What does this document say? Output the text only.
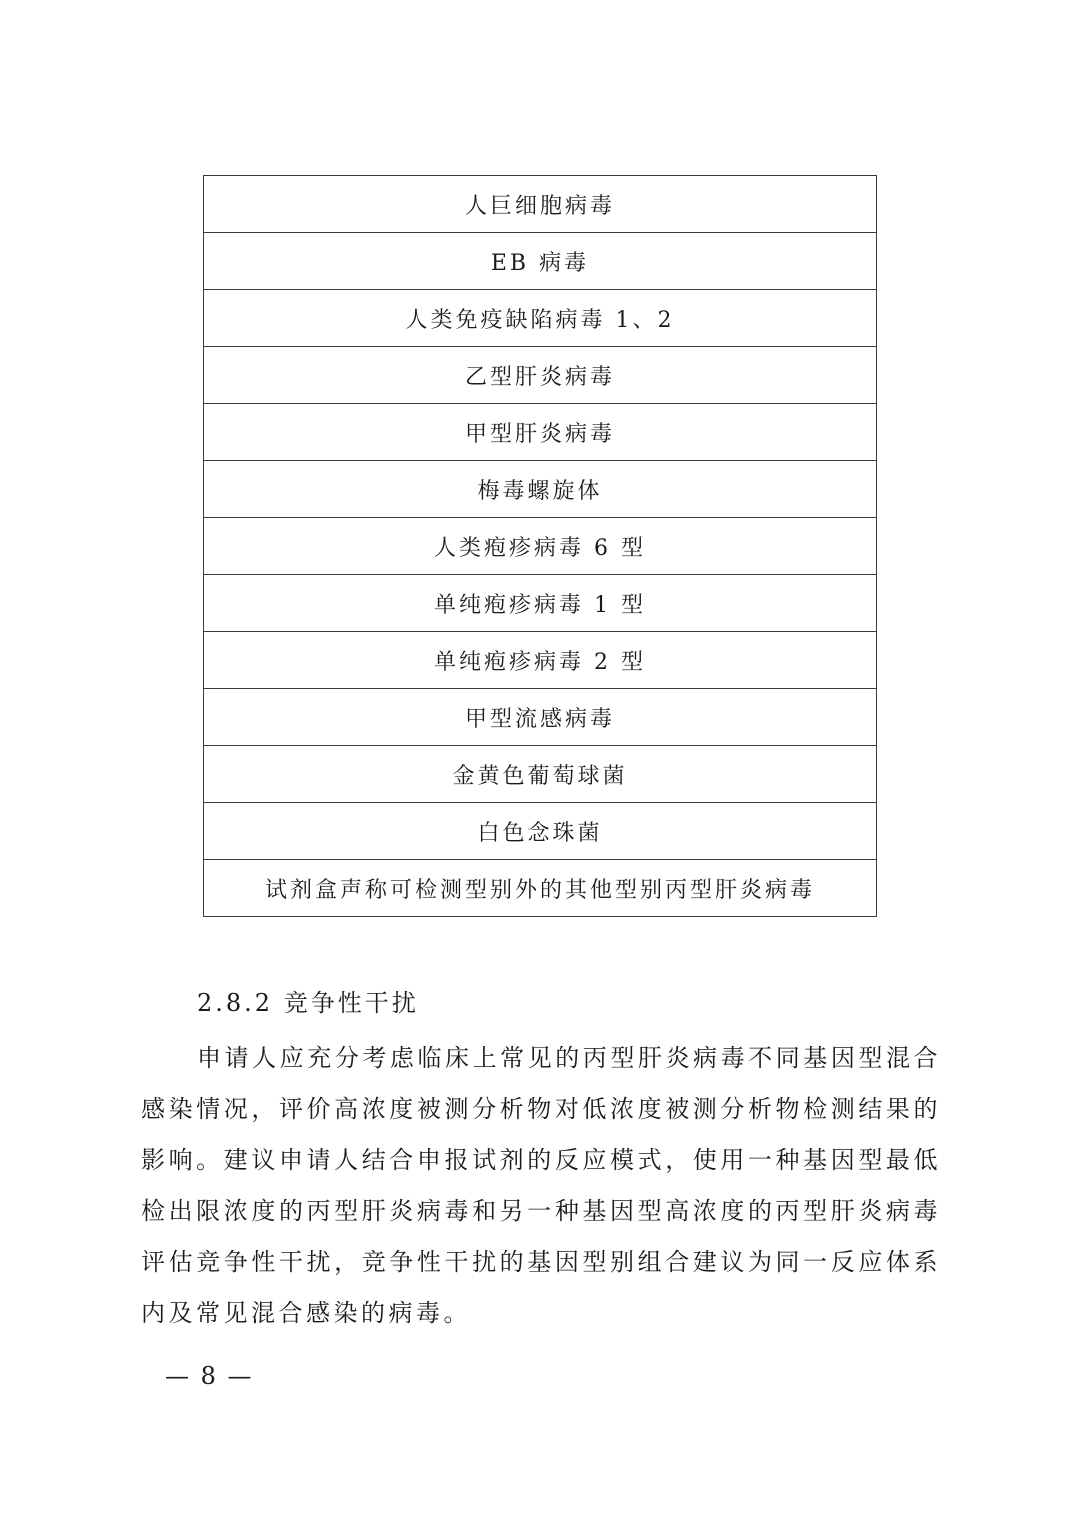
人巨细胞病毒
EB 病毒
人类免疫缺陷病毒 1、2
乙型肝炎病毒
甲型肝炎病毒
梅毒螺旋体
人类疱疹病毒 6 型
单纯疱疹病毒 1 型
单纯疱疹病毒 2 型
甲型流感病毒
金黄色葡萄球菌
白色念珠菌
试剂盒声称可检测型别外的其他型别丙型肝炎病毒
2.8.2 竞争性干扰

申请人应充分考虑临床上常见的丙型肝炎病毒不同基因型混合感染情况，评价高浓度被测分析物对低浓度被测分析物检测结果的影响。建议申请人结合申报试剂的反应模式，使用一种基因型最低检出限浓度的丙型肝炎病毒和另一种基因型高浓度的丙型肝炎病毒评估竞争性干扰，竞争性干扰的基因型别组合建议为同一反应体系内及常见混合感染的病毒。

— 8 —
